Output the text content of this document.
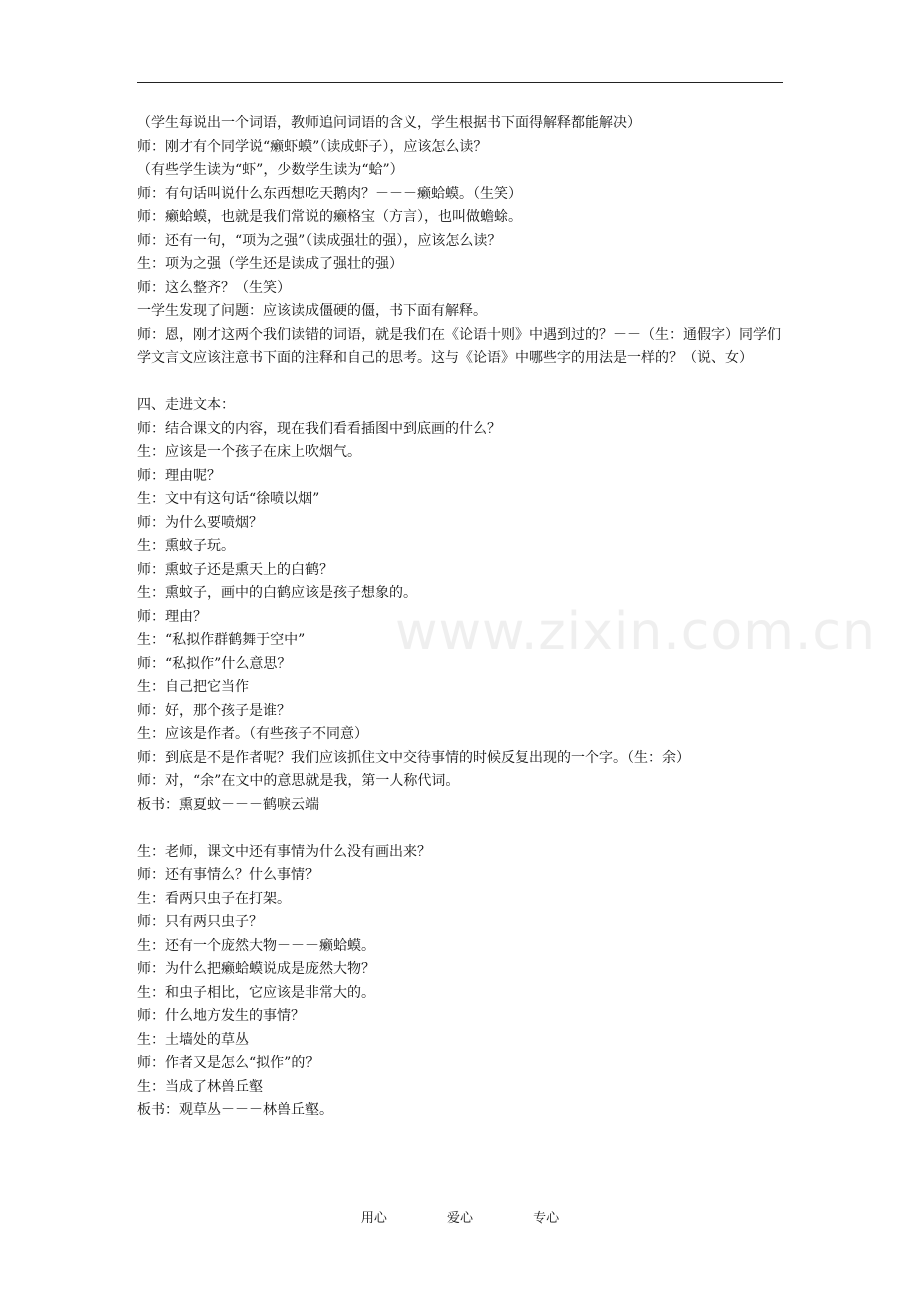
（学生每说出一个词语，教师追问词语的含义，学生根据书下面得解释都能解决）
师：刚才有个同学说“癞虾蟆”（读成虾子），应该怎么读？
（有些学生读为“虾”，少数学生读为“蛤”）
师：有句话叫说什么东西想吃天鹅肉？－－－癞蛤蟆。（生笑）
师：癞蛤蟆，也就是我们常说的癞格宝（方言），也叫做蟾蜍。
师：还有一句，“项为之强”（读成强壮的强），应该怎么读？
生：项为之强（学生还是读成了强壮的强）
师：这么整齐？（生笑）
一学生发现了问题：应该读成僵硬的僵，书下面有解释。
师：恩，刚才这两个我们读错的词语，就是我们在《论语十则》中遇到过的？－－（生：通假字）同学们学文言文应该注意书下面的注释和自己的思考。这与《论语》中哪些字的用法是一样的？（说、女）
四、走进文本：
师：结合课文的内容，现在我们看看插图中到底画的什么？
生：应该是一个孩子在床上吹烟气。
师：理由呢？
生：文中有这句话“徐喷以烟”
师：为什么要喷烟？
生：熏蚊子玩。
师：熏蚊子还是熏天上的白鹤？
生：熏蚊子，画中的白鹤应该是孩子想象的。
师：理由？
生：“私拟作群鹤舞于空中”
师：“私拟作”什么意思？
生：自己把它当作
师：好，那个孩子是谁？
生：应该是作者。（有些孩子不同意）
师：到底是不是作者呢？我们应该抓住文中交待事情的时候反复出现的一个字。（生：余）
师：对，“余”在文中的意思就是我，第一人称代词。
板书：熏夏蚊－－－鹤唳云端
生：老师，课文中还有事情为什么没有画出来？
师：还有事情么？什么事情？
生：看两只虫子在打架。
师：只有两只虫子？
生：还有一个庞然大物－－－癞蛤蟆。
师：为什么把癞蛤蟆说成是庞然大物？
生：和虫子相比，它应该是非常大的。
师：什么地方发生的事情？
生：土墙处的草丛
师：作者又是怎么“拟作”的？
生：当成了林兽丘壑
板书：观草丛－－－林兽丘壑。
www.zixin.com.cn
用心	爱心	专心
